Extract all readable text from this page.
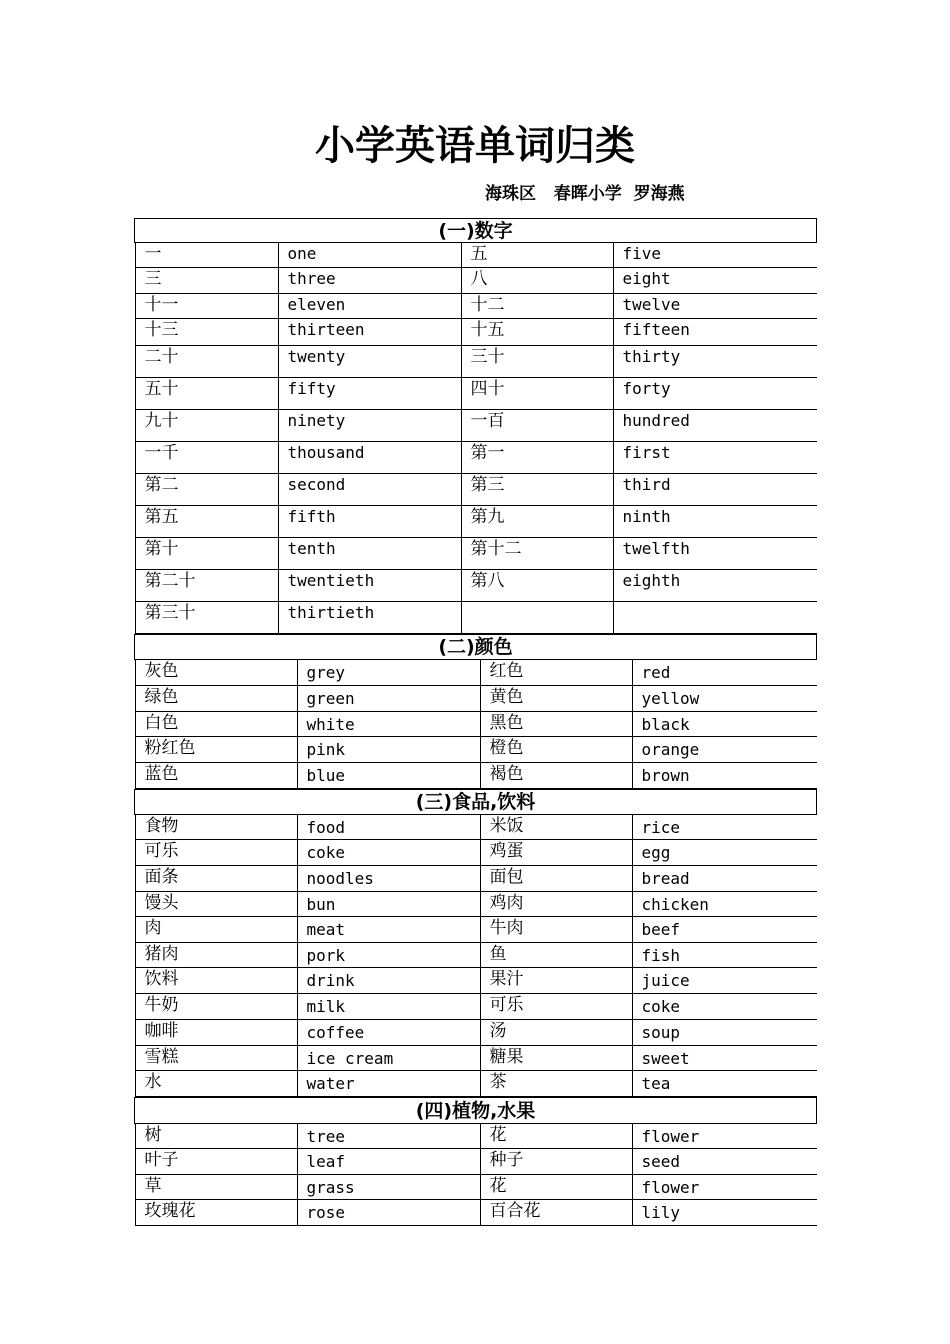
小学英语单词归类
海珠区   春晖小学  罗海燕
(一)数字

一	one	五	five

三	three	八	eight

十一	eleven	十二	twelve

十三	thirteen	十五	fifteen

二十	twenty	三十	thirty

五十	fifty	四十	forty

九十	ninety	一百	hundred

一千	thousand	第一	first

第二	second	第三	third

第五	fifth	第九	ninth

第十	tenth	第十二	twelfth

第二十	twentieth	第八	eighth

第三十	thirtieth		

(二)颜色

灰色	grey	红色	red

绿色	green	黄色	yellow

白色	white	黑色	black

粉红色	pink	橙色	orange

蓝色	blue	褐色	brown

(三)食品,饮料

食物	food	米饭	rice

可乐	coke	鸡蛋	egg

面条	noodles	面包	bread

馒头	bun	鸡肉	chicken

肉	meat	牛肉	beef

猪肉	pork	鱼	fish

饮料	drink	果汁	juice

牛奶	milk	可乐	coke

咖啡	coffee	汤	soup

雪糕	ice cream	糖果	sweet

水	water	茶	tea

(四)植物,水果

树	tree	花	flower

叶子	leaf	种子	seed

草	grass	花	flower

玫瑰花	rose	百合花	lily
